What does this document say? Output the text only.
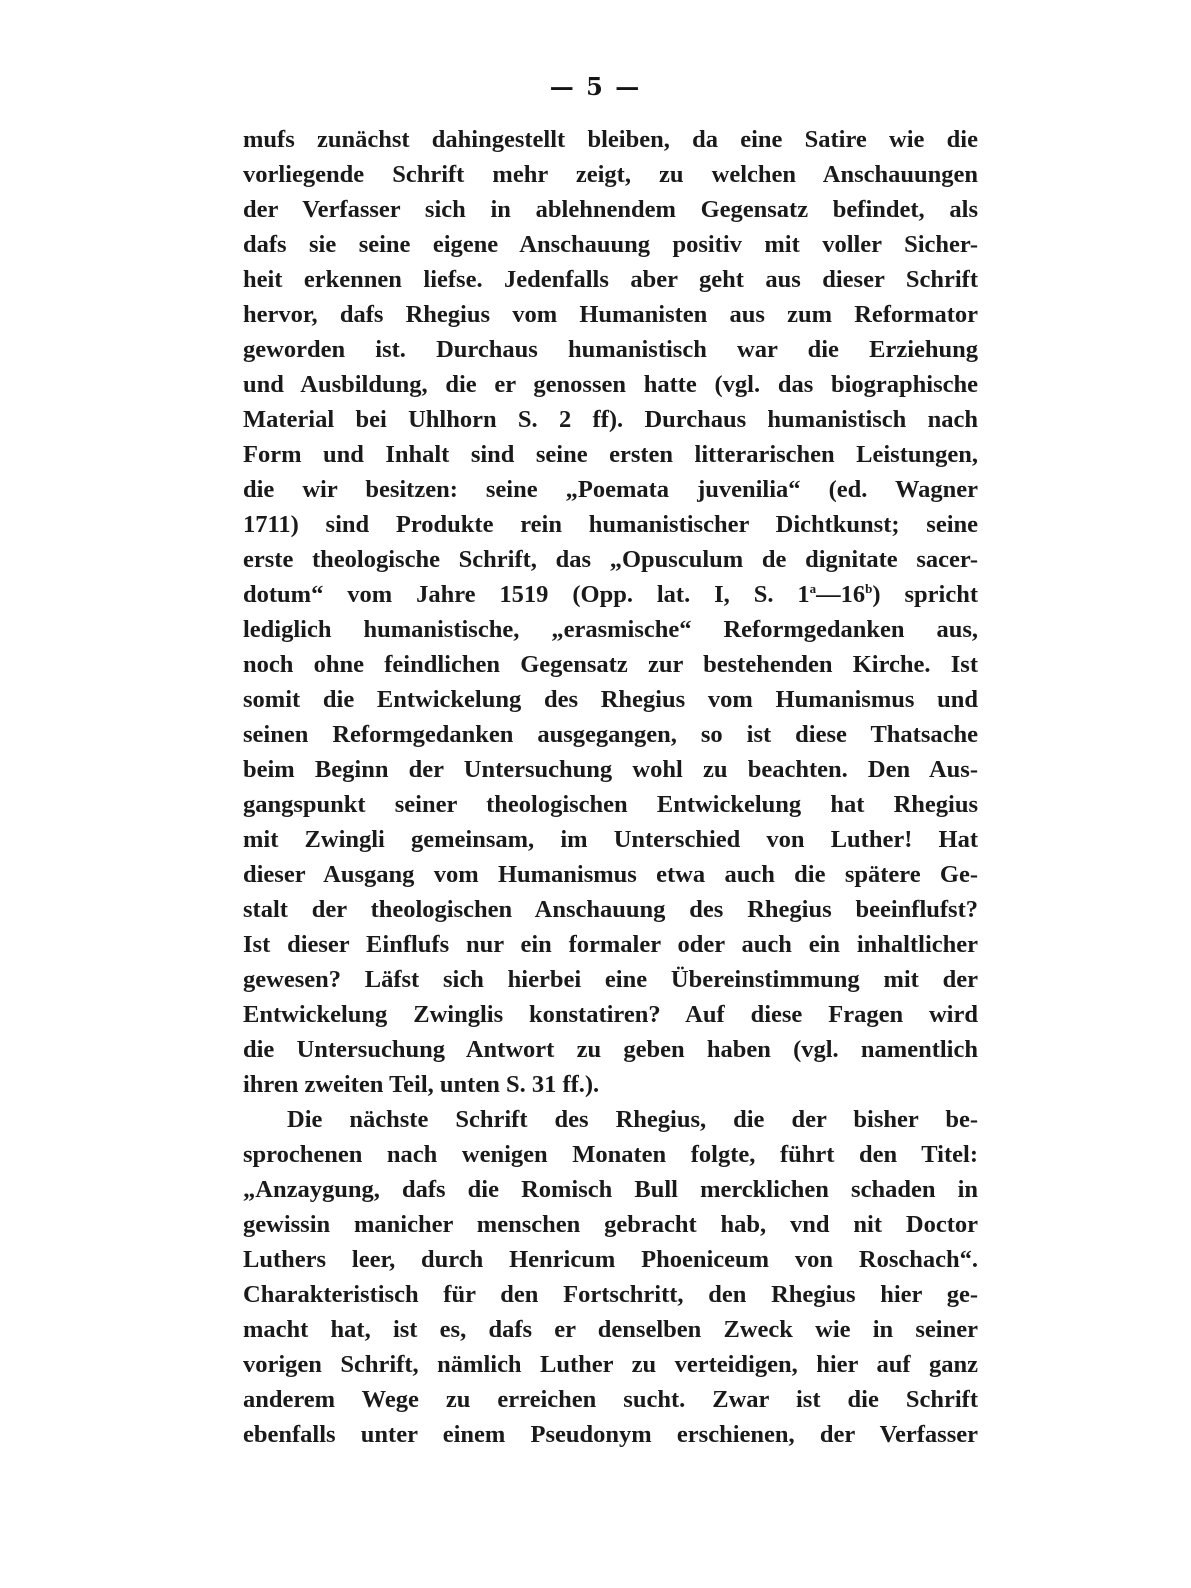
— 5 —
mufs zunächst dahingestellt bleiben, da eine Satire wie die
vorliegende Schrift mehr zeigt, zu welchen Anschauungen
der Verfasser sich in ablehnendem Gegensatz befindet, als
dafs sie seine eigene Anschauung positiv mit voller Sicher-
heit erkennen liefse. Jedenfalls aber geht aus dieser Schrift
hervor, dafs Rhegius vom Humanisten aus zum Reformator
geworden ist. Durchaus humanistisch war die Erziehung
und Ausbildung, die er genossen hatte (vgl. das biographische
Material bei Uhlhorn S. 2 ff). Durchaus humanistisch nach
Form und Inhalt sind seine ersten litterarischen Leistungen,
die wir besitzen: seine „Poemata juvenilia“ (ed. Wagner
1711) sind Produkte rein humanistischer Dichtkunst; seine
erste theologische Schrift, das „Opusculum de dignitate sacer-
dotum“ vom Jahre 1519 (Opp. lat. I, S. 1$^a$—16$^b$) spricht
lediglich humanistische, „erasmische“ Reformgedanken aus,
noch ohne feindlichen Gegensatz zur bestehenden Kirche. Ist
somit die Entwickelung des Rhegius vom Humanismus und
seinen Reformgedanken ausgegangen, so ist diese Thatsache
beim Beginn der Untersuchung wohl zu beachten. Den Aus-
gangspunkt seiner theologischen Entwickelung hat Rhegius
mit Zwingli gemeinsam, im Unterschied von Luther! Hat
dieser Ausgang vom Humanismus etwa auch die spätere Ge-
stalt der theologischen Anschauung des Rhegius beeinflufst?
Ist dieser Einflufs nur ein formaler oder auch ein inhaltlicher
gewesen? Läfst sich hierbei eine Übereinstimmung mit der
Entwickelung Zwinglis konstatiren? Auf diese Fragen wird
die Untersuchung Antwort zu geben haben (vgl. namentlich
ihren zweiten Teil, unten S. 31 ff.).
Die nächste Schrift des Rhegius, die der bisher be-
sprochenen nach wenigen Monaten folgte, führt den Titel:
„Anzaygung, dafs die Romisch Bull mercklichen schaden in
gewissin manicher menschen gebracht hab, vnd nit Doctor
Luthers leer, durch Henricum Phoeniceum von Roschach“.
Charakteristisch für den Fortschritt, den Rhegius hier ge-
macht hat, ist es, dafs er denselben Zweck wie in seiner
vorigen Schrift, nämlich Luther zu verteidigen, hier auf ganz
anderem Wege zu erreichen sucht. Zwar ist die Schrift
ebenfalls unter einem Pseudonym erschienen, der Verfasser
